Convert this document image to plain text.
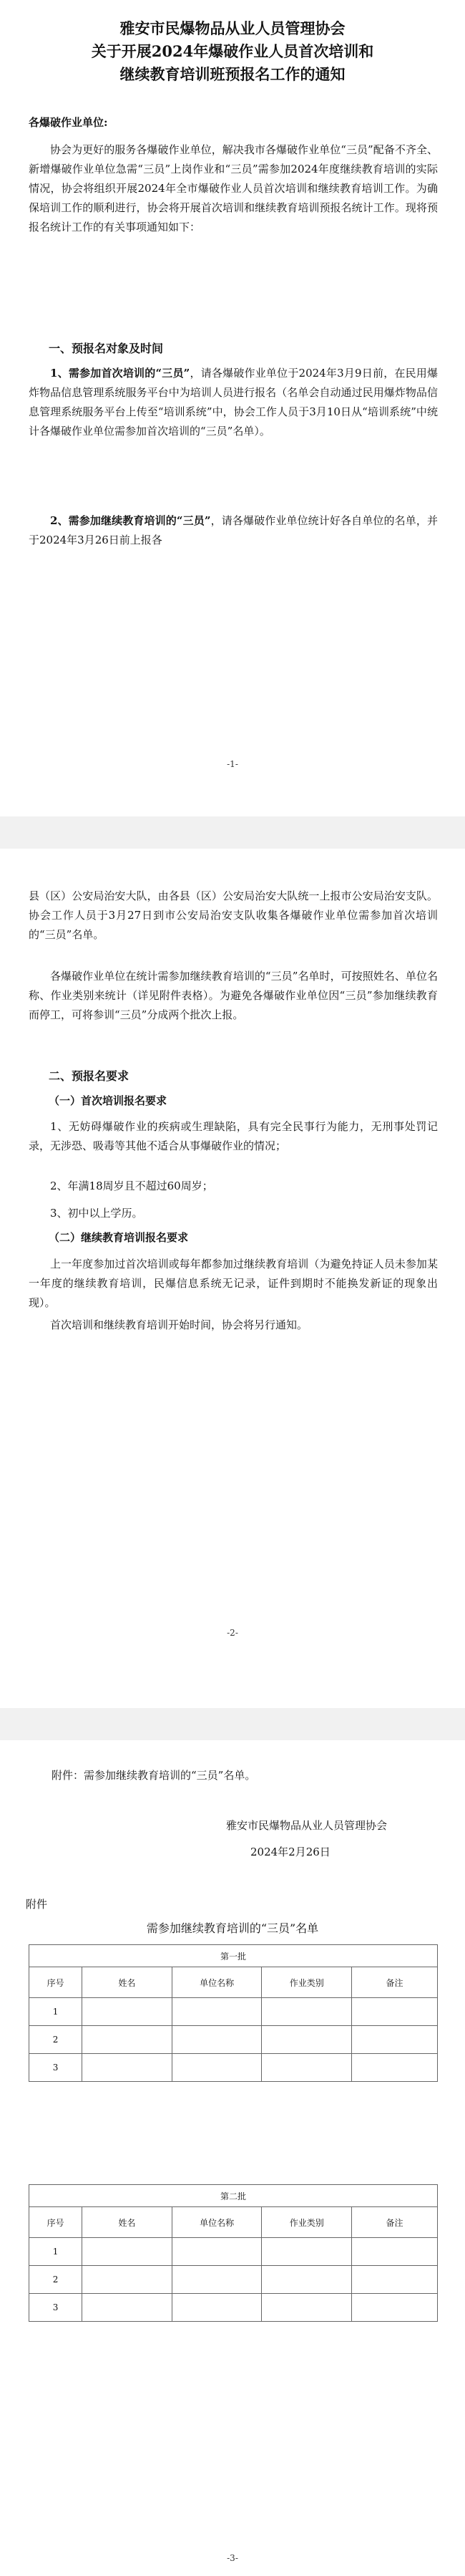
雅安市民爆物品从业人员管理协会
关于开展2024年爆破作业人员首次培训和
继续教育培训班预报名工作的通知

各爆破作业单位:

协会为更好的服务各爆破作业单位，解决我市各爆破作业单位“三员”配备不齐全、新增爆破作业单位急需“三员”上岗作业和“三员”需参加2024年度继续教育培训的实际情况，协会将组织开展2024年全市爆破作业人员首次培训和继续教育培训工作。为确保培训工作的顺利进行，协会将开展首次培训和继续教育培训预报名统计工作。现将预报名统计工作的有关事项通知如下：

一、预报名对象及时间

1、需参加首次培训的“三员”，请各爆破作业单位于2024年3月9日前，在民用爆炸物品信息管理系统服务平台中为培训人员进行报名（名单会自动通过民用爆炸物品信息管理系统服务平台上传至“培训系统”中，协会工作人员于3月10日从“培训系统”中统计各爆破作业单位需参加首次培训的“三员”名单）。

2、需参加继续教育培训的“三员”，请各爆破作业单位统计好各自单位的名单，并于2024年3月26日前上报各

-1-

县（区）公安局治安大队，由各县（区）公安局治安大队统一上报市公安局治安支队。协会工作人员于3月27日到市公安局治安支队收集各爆破作业单位需参加首次培训的“三员”名单。

各爆破作业单位在统计需参加继续教育培训的“三员”名单时，可按照姓名、单位名称、作业类别来统计（详见附件表格）。为避免各爆破作业单位因“三员”参加继续教育而停工，可将参训“三员”分成两个批次上报。

二、预报名要求
（一）首次培训报名要求

1、无妨碍爆破作业的疾病或生理缺陷，具有完全民事行为能力，无刑事处罚记录，无涉恐、吸毒等其他不适合从事爆破作业的情况；

2、年满18周岁且不超过60周岁；

3、初中以上学历。

（二）继续教育培训报名要求

上一年度参加过首次培训或每年都参加过继续教育培训（为避免持证人员未参加某一年度的继续教育培训，民爆信息系统无记录，证件到期时不能换发新证的现象出现）。

首次培训和继续教育培训开始时间，协会将另行通知。

-2-
附件：需参加继续教育培训的“三员”名单。
雅安市民爆物品从业人员管理协会
2024年2月26日
附件
需参加继续教育培训的“三员”名单
第一批				
序号	姓名	单位名称	作业类别	备注
1				
2				
3				
第二批				
序号	姓名	单位名称	作业类别	备注
1				
2				
3				
-3-
